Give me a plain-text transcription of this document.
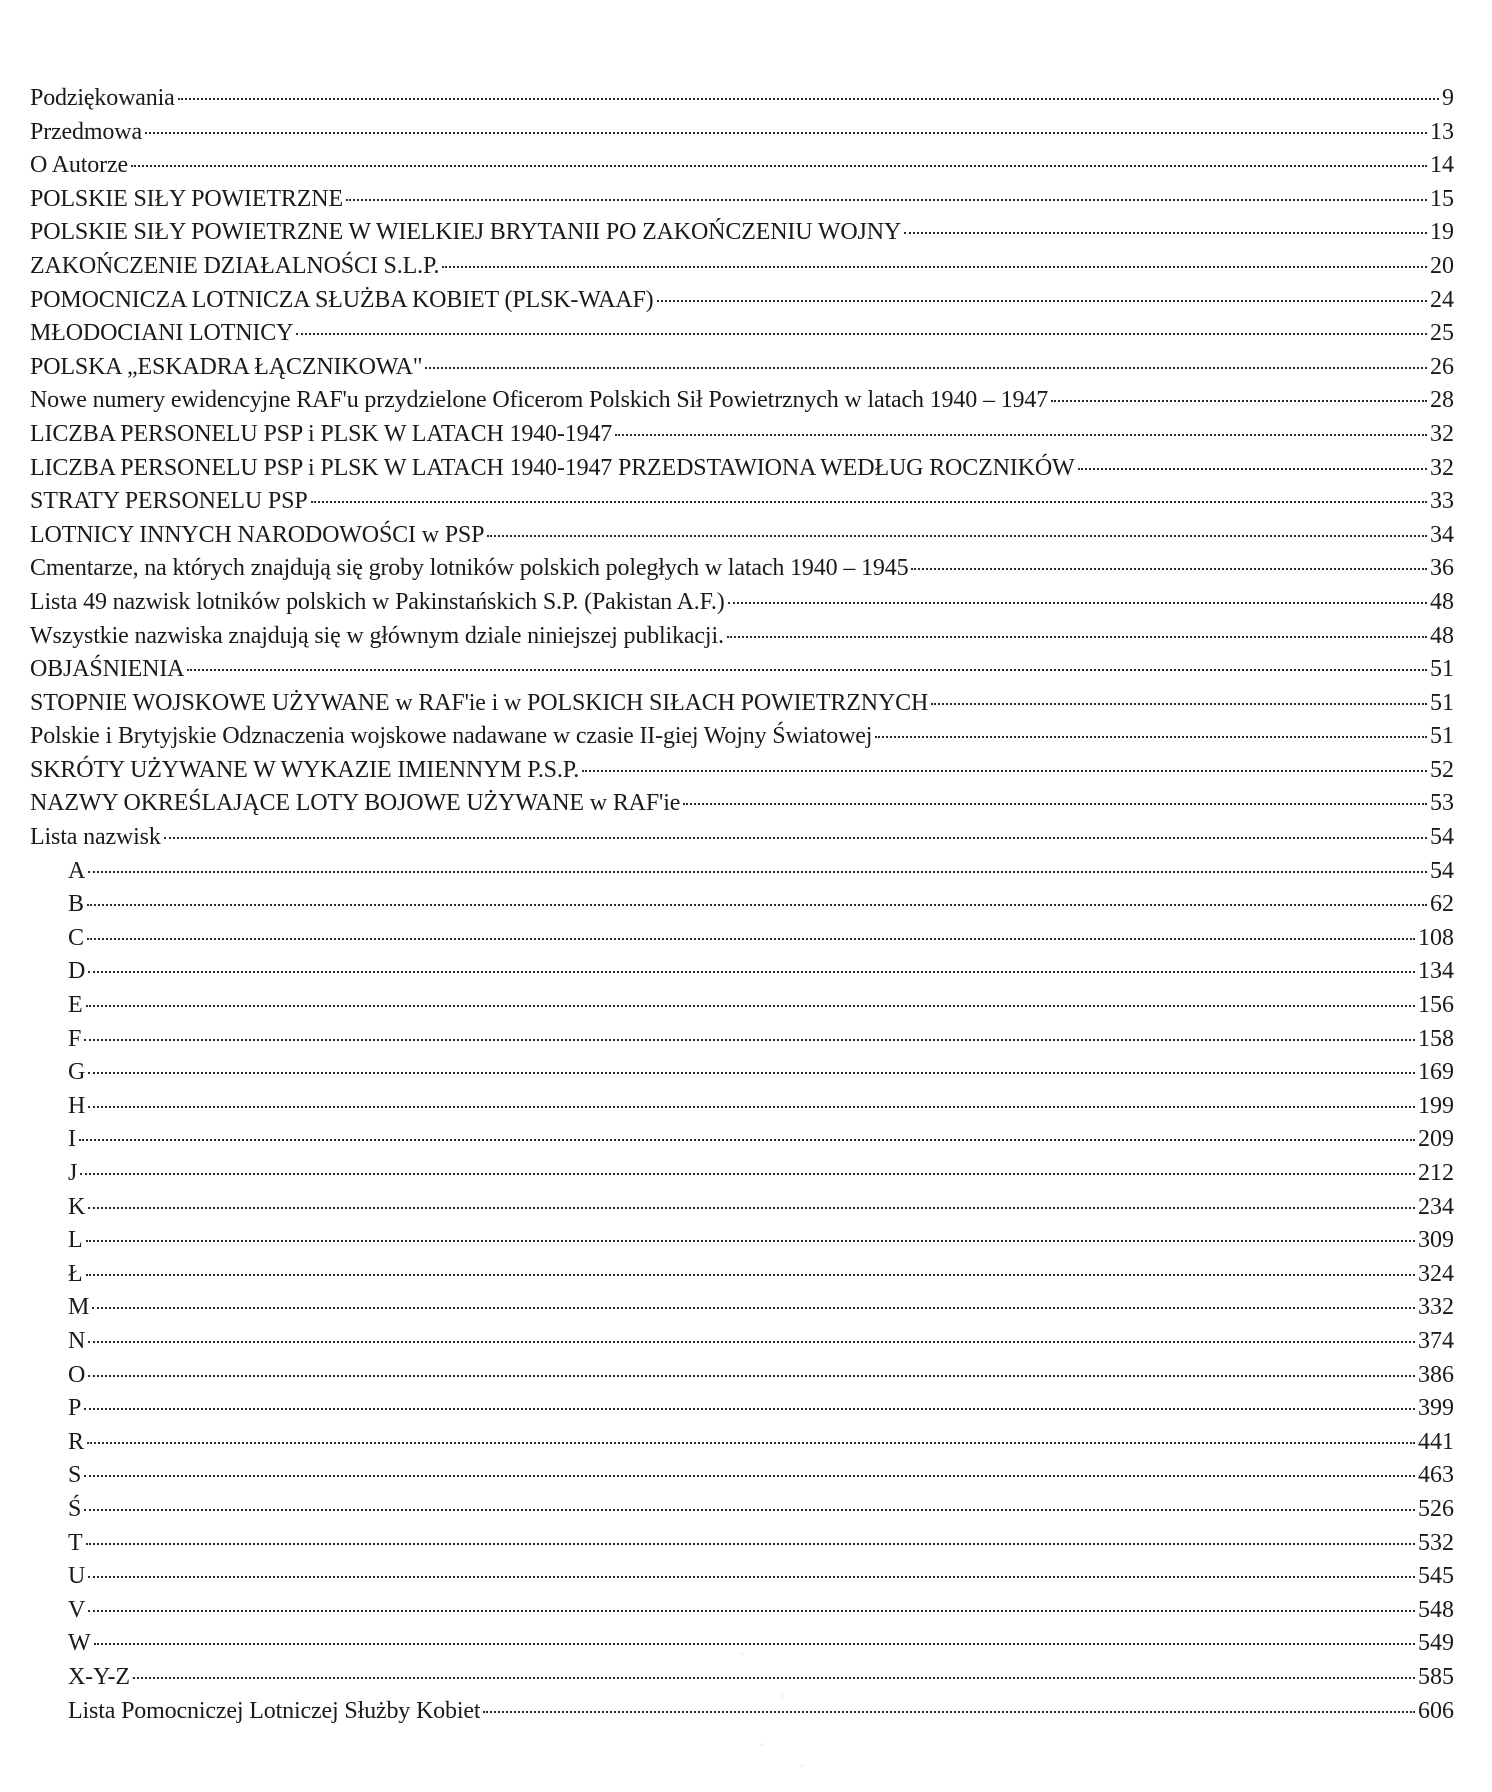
Podziękowania	9
Przedmowa	13
O Autorze	14
POLSKIE SIŁY POWIETRZNE	15
POLSKIE SIŁY POWIETRZNE W WIELKIEJ BRYTANII PO ZAKOŃCZENIU WOJNY	19
ZAKOŃCZENIE DZIAŁALNOŚCI S.L.P.	20
POMOCNICZA LOTNICZA SŁUŻBA KOBIET (PLSK-WAAF)	24
MŁODOCIANI LOTNICY	25
POLSKA „ESKADRA ŁĄCZNIKOWA"	26
Nowe numery ewidencyjne RAF'u przydzielone Oficerom Polskich Sił Powietrznych w latach 1940 – 1947	28
LICZBA PERSONELU PSP i PLSK W LATACH 1940-1947	32
LICZBA PERSONELU PSP i PLSK W LATACH 1940-1947 PRZEDSTAWIONA WEDŁUG ROCZNIKÓW	32
STRATY PERSONELU PSP	33
LOTNICY INNYCH NARODOWOŚCI w PSP	34
Cmentarze, na których znajdują się groby lotników polskich poległych w latach 1940 – 1945	36
Lista 49 nazwisk lotników polskich w Pakinstańskich S.P. (Pakistan A.F.)	48
Wszystkie nazwiska znajdują się w głównym dziale niniejszej publikacji.	48
OBJAŚNIENIA	51
STOPNIE WOJSKOWE UŻYWANE w RAF'ie i w POLSKICH SIŁACH POWIETRZNYCH	51
Polskie i Brytyjskie Odznaczenia wojskowe nadawane w czasie II-giej Wojny Światowej	51
SKRÓTY UŻYWANE W WYKAZIE IMIENNYM P.S.P.	52
NAZWY OKREŚLAJĄCE LOTY BOJOWE UŻYWANE w RAF'ie	53
Lista nazwisk	54
A	54
B	62
C	108
D	134
E	156
F	158
G	169
H	199
I	209
J	212
K	234
L	309
Ł	324
M	332
N	374
O	386
P	399
R	441
S	463
Ś	526
T	532
U	545
V	548
W	549
X-Y-Z	585
Lista Pomocniczej Lotniczej Służby Kobiet	606
